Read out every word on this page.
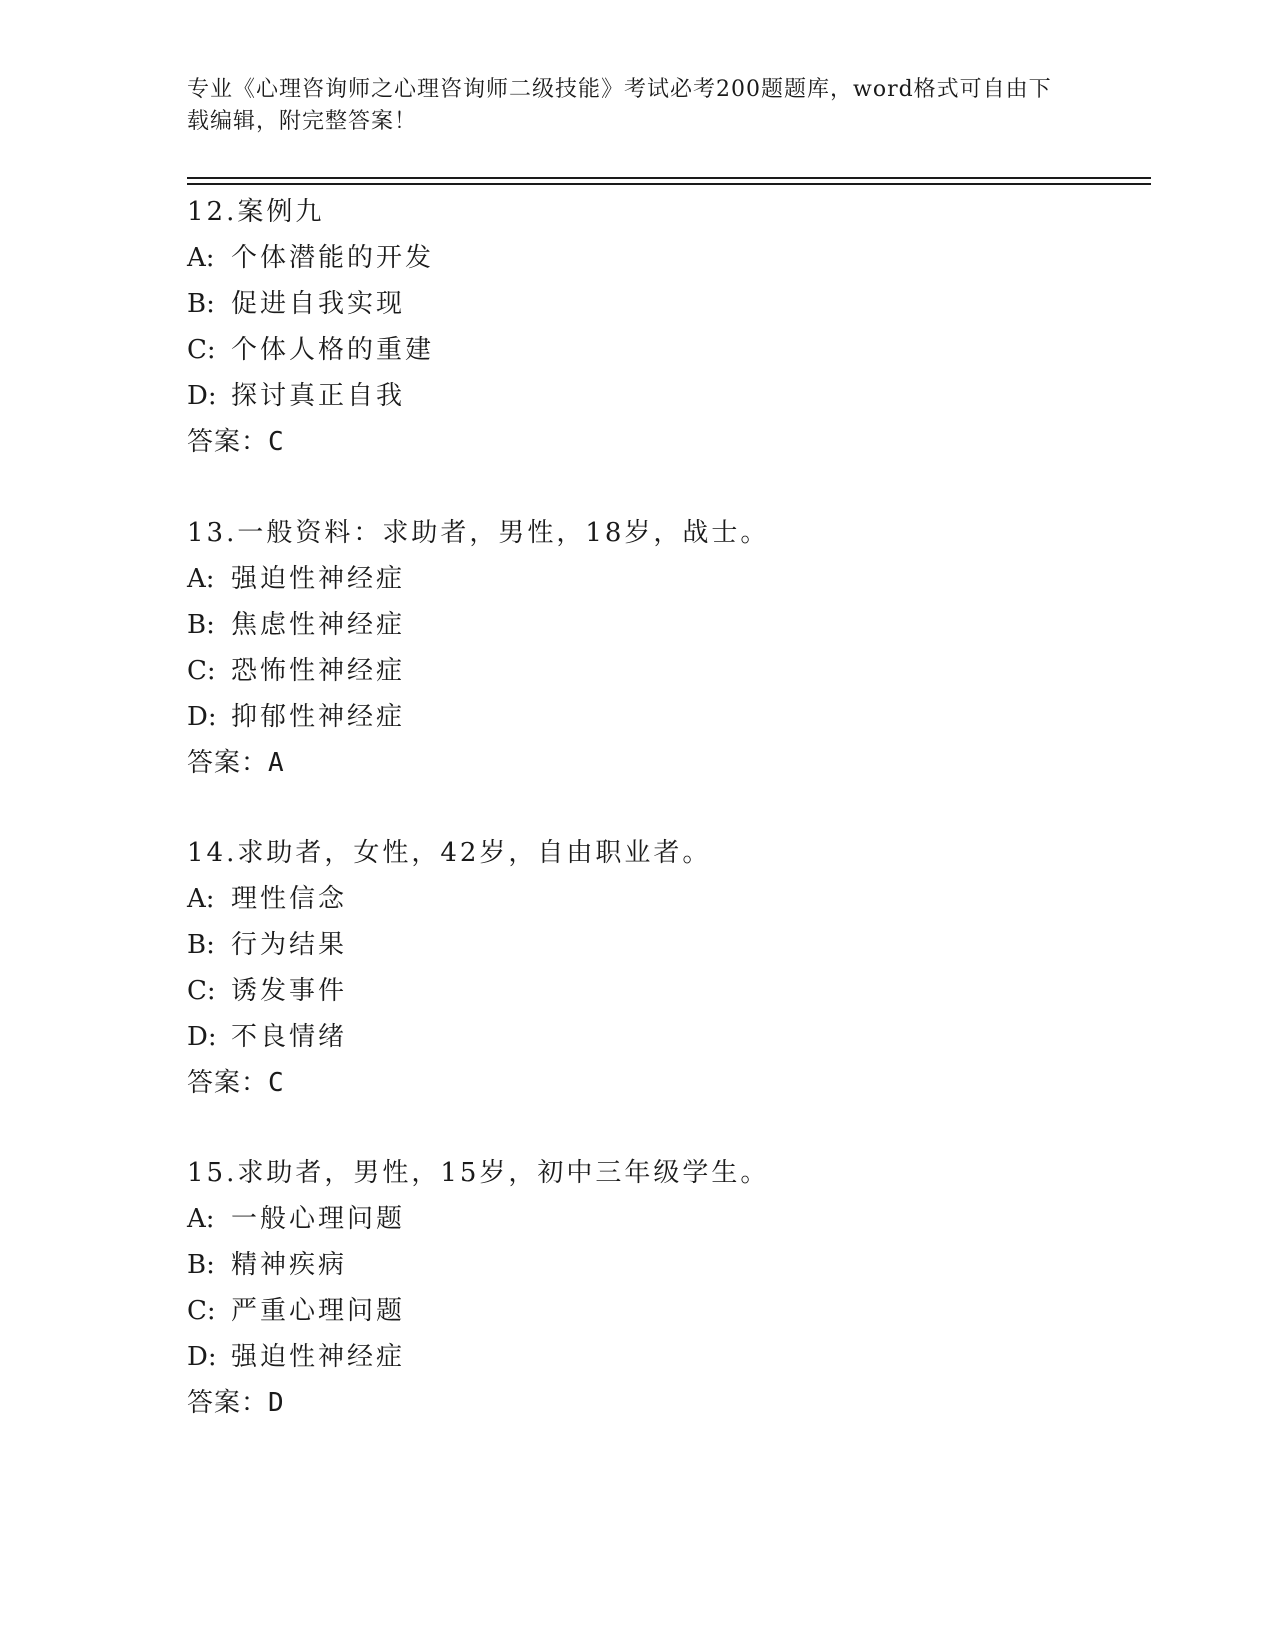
专业《心理咨询师之心理咨询师二级技能》考试必考200题题库，word格式可自由下载编辑，附完整答案！
12.案例九
A: 个体潜能的开发
B: 促进自我实现
C: 个体人格的重建
D: 探讨真正自我
答案：C
13.一般资料：求助者，男性，18岁，战士。
A: 强迫性神经症
B: 焦虑性神经症
C: 恐怖性神经症
D: 抑郁性神经症
答案：A
14.求助者，女性，42岁，自由职业者。
A: 理性信念
B: 行为结果
C: 诱发事件
D: 不良情绪
答案：C
15.求助者，男性，15岁，初中三年级学生。
A: 一般心理问题
B: 精神疾病
C: 严重心理问题
D: 强迫性神经症
答案：D
